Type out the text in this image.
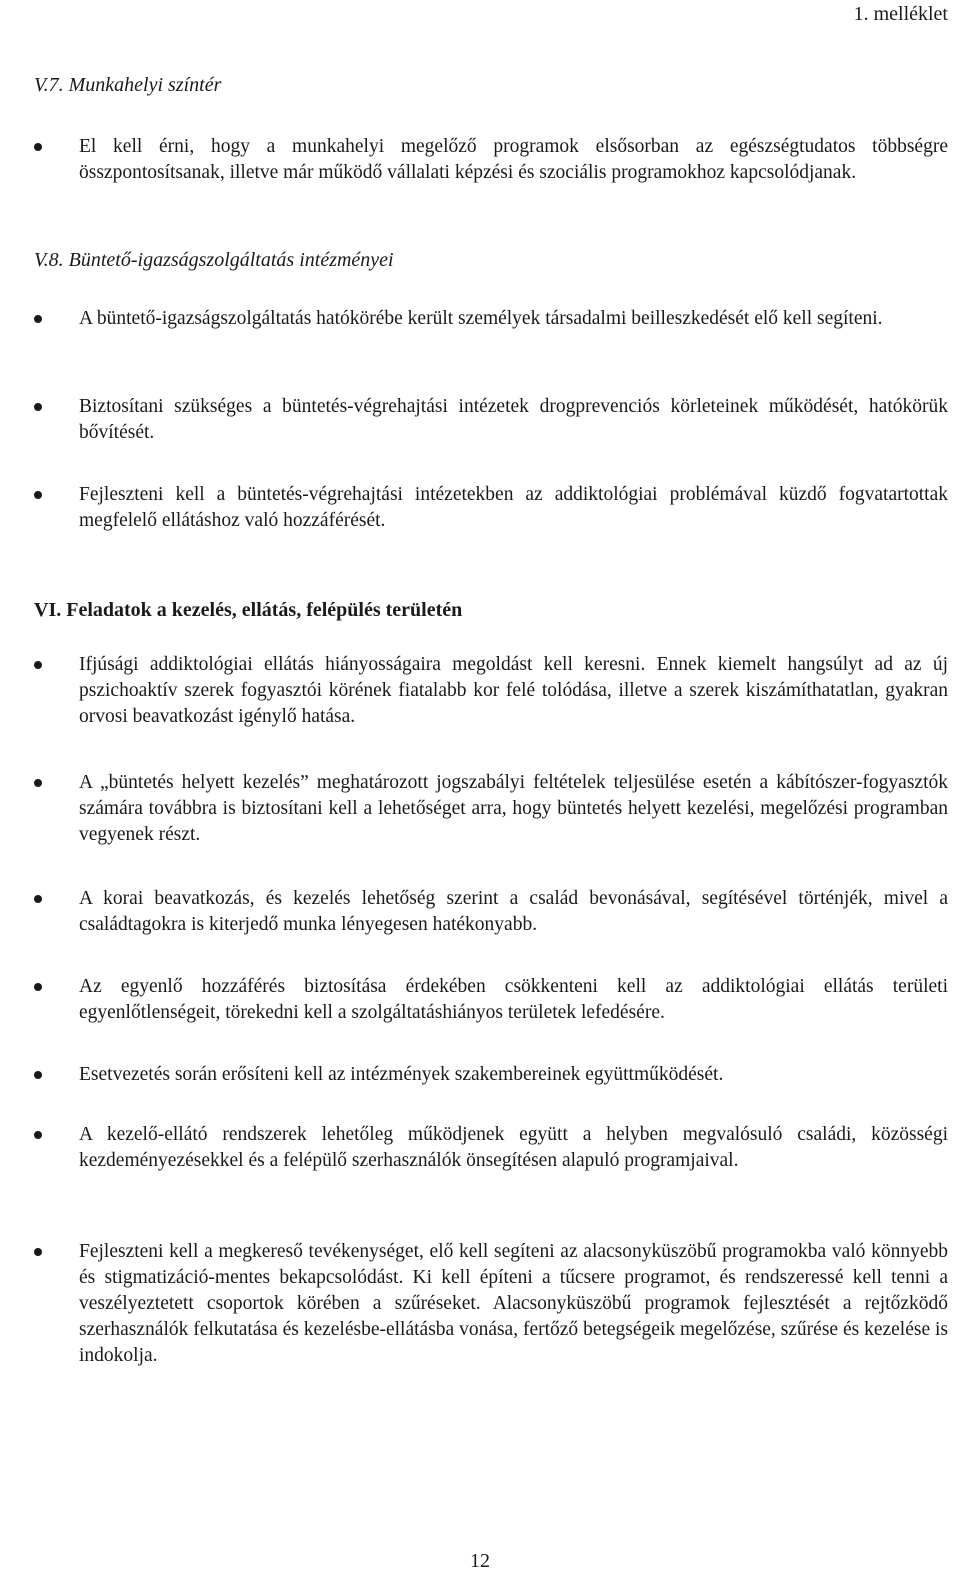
1. melléklet
V.7. Munkahelyi színtér
El kell érni, hogy a munkahelyi megelőző programok elsősorban az egészségtudatos többségre összpontosítsanak, illetve már működő vállalati képzési és szociális programokhoz kapcsolódjanak.
V.8. Büntető-igazságszolgáltatás intézményei
A büntető-igazságszolgáltatás hatókörébe került személyek társadalmi beilleszkedését elő kell segíteni.
Biztosítani szükséges a büntetés-végrehajtási intézetek drogprevenciós körleteinek működését, hatókörük bővítését.
Fejleszteni kell a büntetés-végrehajtási intézetekben az addiktológiai problémával küzdő fogvatartottak megfelelő ellátáshoz való hozzáférését.
VI. Feladatok a kezelés, ellátás, felépülés területén
Ifjúsági addiktológiai ellátás hiányosságaira megoldást kell keresni. Ennek kiemelt hangsúlyt ad az új pszichoaktív szerek fogyasztói körének fiatalabb kor felé tolódása, illetve a szerek kiszámíthatatlan, gyakran orvosi beavatkozást igénylő hatása.
A „büntetés helyett kezelés” meghatározott jogszabályi feltételek teljesülése esetén a kábítószer-fogyasztók számára továbbra is biztosítani kell a lehetőséget arra, hogy büntetés helyett kezelési, megelőzési programban vegyenek részt.
A korai beavatkozás, és kezelés lehetőség szerint a család bevonásával, segítésével történjék, mivel a családtagokra is kiterjedő munka lényegesen hatékonyabb.
Az egyenlő hozzáférés biztosítása érdekében csökkenteni kell az addiktológiai ellátás területi egyenlőtlenségeit, törekedni kell a szolgáltatáshiányos területek lefedésére.
Esetvezetés során erősíteni kell az intézmények szakembereinek együttműködését.
A kezelő-ellátó rendszerek lehetőleg működjenek együtt a helyben megvalósuló családi, közösségi kezdeményezésekkel és a felépülő szerhasználók önsegítésen alapuló programjaival.
Fejleszteni kell a megkereső tevékenységet, elő kell segíteni az alacsonyküszöbű programokba való könnyebb és stigmatizáció-mentes bekapcsolódást. Ki kell építeni a tűcsere programot, és rendszeressé kell tenni a veszélyeztetett csoportok körében a szűréseket. Alacsonyküszöbű programok fejlesztését a rejtőzködő szerhasználók felkutatása és kezelésbe-ellátásba vonása, fertőző betegségeik megelőzése, szűrése és kezelése is indokolja.
12
